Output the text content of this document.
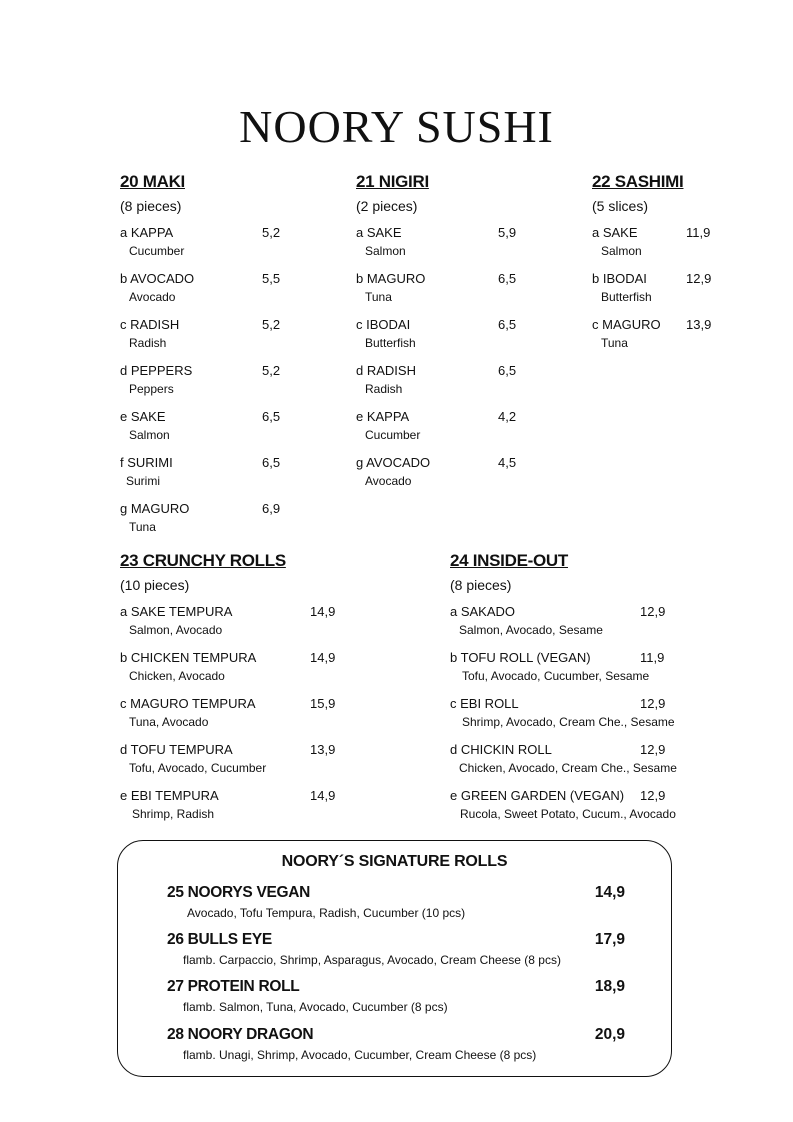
NOORY SUSHI
20 MAKI
(8 pieces)
a KAPPA	5,2
Cucumber
b AVOCADO	5,5
Avocado
c RADISH	5,2
Radish
d PEPPERS	5,2
Peppers
e SAKE	6,5
Salmon
f SURIMI	6,5
Surimi
g MAGURO	6,9
Tuna
21 NIGIRI
(2 pieces)
a SAKE	5,9
Salmon
b MAGURO	6,5
Tuna
c IBODAI	6,5
Butterfish
d RADISH	6,5
Radish
e KAPPA	4,2
Cucumber
g AVOCADO	4,5
Avocado
22 SASHIMI
(5 slices)
a SAKE	11,9
Salmon
b IBODAI	12,9
Butterfish
c MAGURO 13,9
Tuna
23 CRUNCHY ROLLS
(10 pieces)
a SAKE TEMPURA	14,9
Salmon, Avocado
b CHICKEN TEMPURA	14,9
Chicken, Avocado
c MAGURO TEMPURA	15,9
Tuna, Avocado
d TOFU TEMPURA	13,9
Tofu, Avocado, Cucumber
e EBI TEMPURA	14,9
Shrimp, Radish
24 INSIDE-OUT
(8 pieces)
a SAKADO	12,9
Salmon, Avocado, Sesame
b TOFU ROLL (VEGAN)	11,9
Tofu, Avocado, Cucumber, Sesame
c EBI ROLL	12,9
Shrimp, Avocado, Cream Che., Sesame
d CHICKIN ROLL	12,9
Chicken, Avocado, Cream Che., Sesame
e GREEN GARDEN (VEGAN) 12,9
Rucola, Sweet Potato, Cucum., Avocado
NOORY´S SIGNATURE ROLLS
25 NOORYS VEGAN	14,9
Avocado, Tofu Tempura, Radish, Cucumber (10 pcs)
26 BULLS EYE	17,9
flamb. Carpaccio, Shrimp, Asparagus, Avocado, Cream Cheese (8 pcs)
27 PROTEIN ROLL	18,9
flamb. Salmon, Tuna, Avocado, Cucumber (8 pcs)
28 NOORY DRAGON	20,9
flamb. Unagi, Shrimp, Avocado, Cucumber, Cream Cheese (8 pcs)
